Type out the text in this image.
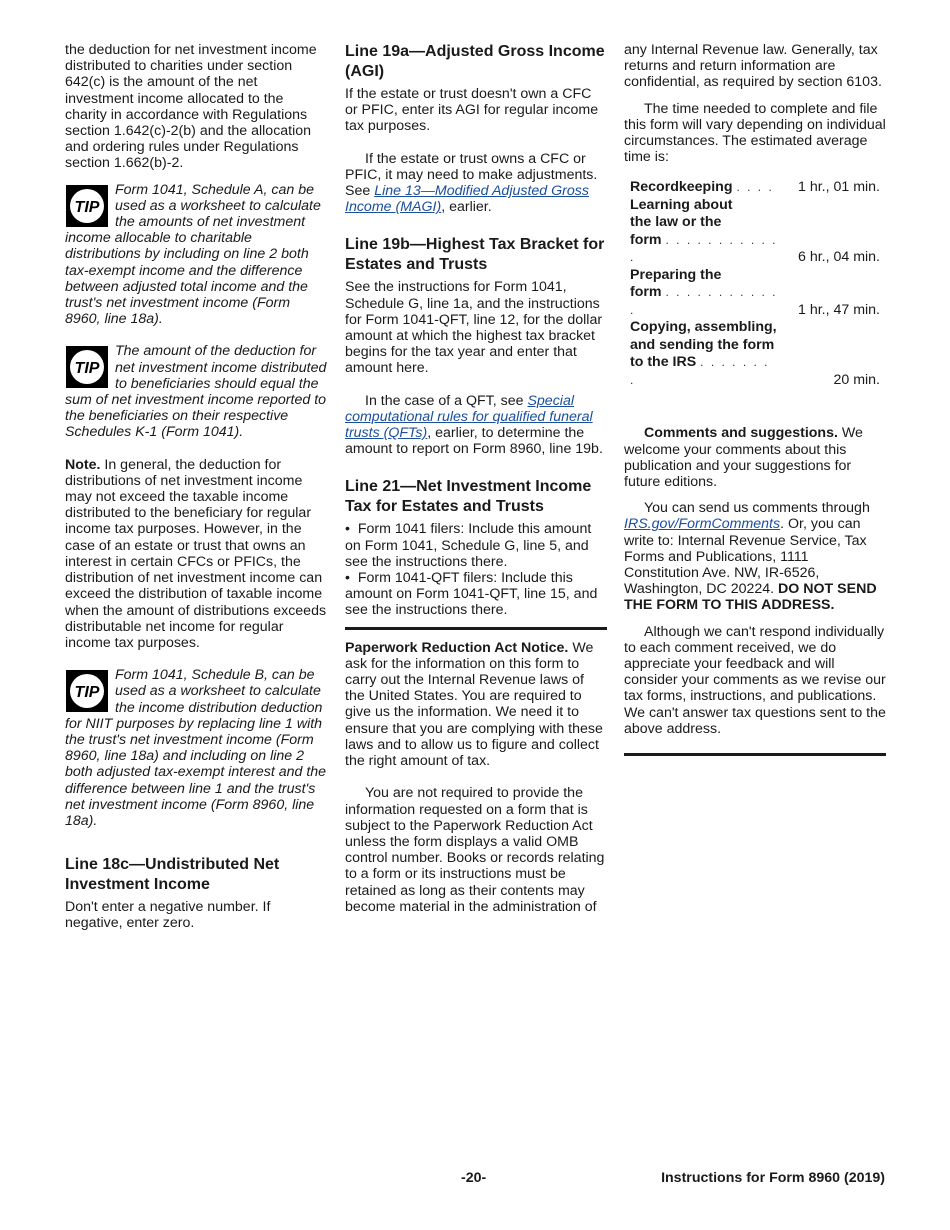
the deduction for net investment income distributed to charities under section 642(c) is the amount of the net investment income allocated to the charity in accordance with Regulations section 1.642(c)-2(b) and the allocation and ordering rules under Regulations section 1.662(b)-2.

TIP

Form 1041, Schedule A, can be used as a worksheet to calculate the amounts of net investment income allocable to charitable distributions by including on line 2 both tax-exempt income and the difference between adjusted total income and the trust's net investment income (Form 8960, line 18a).

TIP

The amount of the deduction for net investment income distributed to beneficiaries should equal the sum of net investment income reported to the beneficiaries on their respective Schedules K-1 (Form 1041).

Note. In general, the deduction for distributions of net investment income may not exceed the taxable income distributed to the beneficiary for regular income tax purposes. However, in the case of an estate or trust that owns an interest in certain CFCs or PFICs, the distribution of net investment income can exceed the distribution of taxable income when the amount of distributions exceeds distributable net income for regular income tax purposes.

TIP

Form 1041, Schedule B, can be used as a worksheet to calculate the income distribution deduction for NIIT purposes by replacing line 1 with the trust's net investment income (Form 8960, line 18a) and including on line 2 both adjusted tax-exempt interest and the difference between line 1 and the trust's net investment income (Form 8960, line 18a).

Line 18c—Undistributed Net Investment Income

Don't enter a negative number. If negative, enter zero.

Line 19a—Adjusted Gross Income (AGI)

If the estate or trust doesn't own a CFC or PFIC, enter its AGI for regular income tax purposes.

If the estate or trust owns a CFC or PFIC, it may need to make adjustments. See Line 13—Modified Adjusted Gross Income (MAGI), earlier.

Line 19b—Highest Tax Bracket for Estates and Trusts

See the instructions for Form 1041, Schedule G, line 1a, and the instructions for Form 1041-QFT, line 12, for the dollar amount at which the highest tax bracket begins for the tax year and enter that amount here.

In the case of a QFT, see Special computational rules for qualified funeral trusts (QFTs), earlier, to determine the amount to report on Form 8960, line 19b.

Line 21—Net Investment Income Tax for Estates and Trusts

•  Form 1041 filers: Include this amount on Form 1041, Schedule G, line 5, and see the instructions there.

•  Form 1041-QFT filers: Include this amount on Form 1041-QFT, line 15, and see the instructions there.

Paperwork Reduction Act Notice. We ask for the information on this form to carry out the Internal Revenue laws of the United States. You are required to give us the information. We need it to ensure that you are complying with these laws and to allow us to figure and collect the right amount of tax.

You are not required to provide the information requested on a form that is subject to the Paperwork Reduction Act unless the form displays a valid OMB control number. Books or records relating to a form or its instructions must be retained as long as their contents may become material in the administration of

any Internal Revenue law. Generally, tax returns and return information are confidential, as required by section 6103.

The time needed to complete and file this form will vary depending on individual circumstances. The estimated average time is:

Recordkeeping . . . .	1 hr., 01 min.
Learning about
the law or the
form . . . . . . . . . . . .	6 hr., 04 min.
Preparing the
form . . . . . . . . . . . .	1 hr., 47 min.
Copying, assembling,
and sending the form
to the IRS . . . . . . . .	20 min.

Comments and suggestions. We welcome your comments about this publication and your suggestions for future editions.

You can send us comments through IRS.gov/FormComments. Or, you can write to: Internal Revenue Service, Tax Forms and Publications, 1111 Constitution Ave. NW, IR-6526, Washington, DC 20224. DO NOT SEND THE FORM TO THIS ADDRESS.

Although we can't respond individually to each comment received, we do appreciate your feedback and will consider your comments as we revise our tax forms, instructions, and publications. We can't answer tax questions sent to the above address.

-20-	Instructions for Form 8960 (2019)
